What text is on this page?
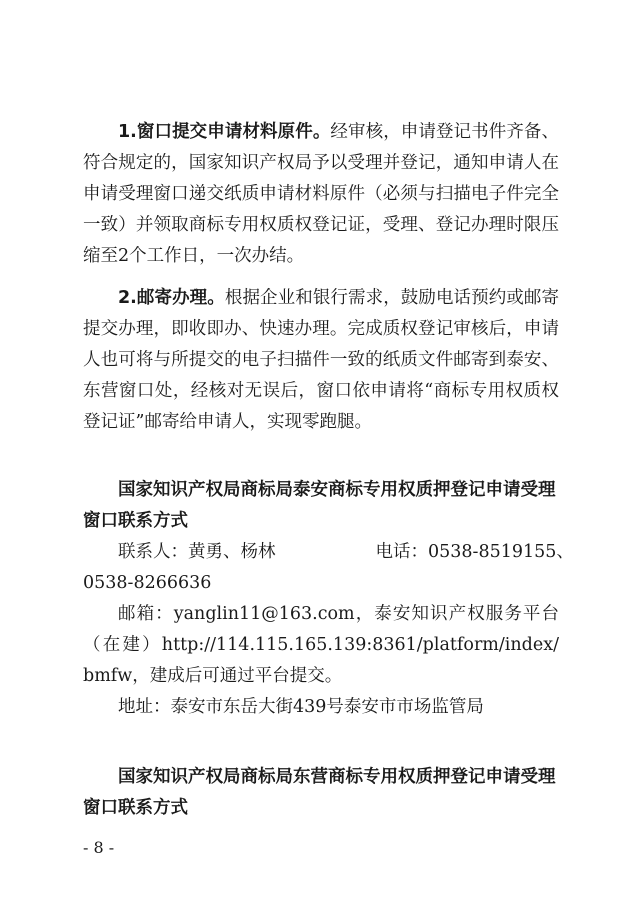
1.窗口提交申请材料原件。经审核，申请登记书件齐备、符合规定的，国家知识产权局予以受理并登记，通知申请人在申请受理窗口递交纸质申请材料原件（必须与扫描电子件完全一致）并领取商标专用权质权登记证，受理、登记办理时限压缩至2个工作日，一次办结。

2.邮寄办理。根据企业和银行需求，鼓励电话预约或邮寄提交办理，即收即办、快速办理。完成质权登记审核后，申请人也可将与所提交的电子扫描件一致的纸质文件邮寄到泰安、东营窗口处，经核对无误后，窗口依申请将“商标专用权质权登记证”邮寄给申请人，实现零跑腿。

国家知识产权局商标局泰安商标专用权质押登记申请受理窗口联系方式

联系人：黄勇、杨林	电话：0538-8519155、

0538-8266636

邮箱：yanglin11@163.com，泰安知识产权服务平台（在建）http://114.115.165.139:8361/platform/index/bmfw，建成后可通过平台提交。

地址：泰安市东岳大街439号泰安市市场监管局

国家知识产权局商标局东营商标专用权质押登记申请受理窗口联系方式

- 8 -
